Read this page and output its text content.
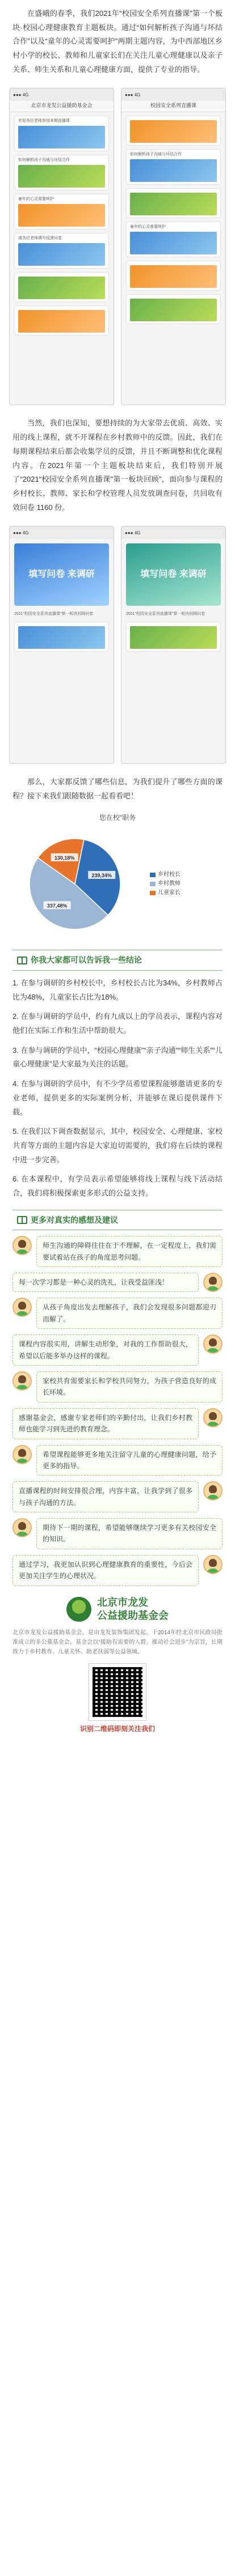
在盛峨的春季，我们2021年“校园安全系列直播课”第一个板块·校园心理健康教育主题板块。通过“如何解析孩子沟通与坏结合作”以及“童年的心灵需要呵护”两期主题内容，为中西部地区乡村小学的校长、教师和儿童家长们在关注儿童心理健康以及亲子关系、师生关系和儿童心理健康方面，提供了专业的指导。

●●● 4G
北京市龙发公益援助基金会
欢迎各位老师参加本期直播课
如何解析孩子沟通与坏结合作
童年的心灵需要呵护
请各位老师填写反馈问卷
●●● 4G
校园安全系列直播课
如何解析孩子沟通与坏结合作
童年的心灵需要呵护

当然，我们也深知，要想持续的为大家带去优质、高效、实用的线上课程，就不开课程在乡村教师中的反馈。因此，我们在每期课程结束后都会收集学员的反馈，并且不断调整和优化课程内容。在2021年第一个主题板块结束后，我们特别开展了“2021“校园安全系列直播课”第一板块回顾”，面向参与课程的乡村校长、教师、家长和学校管理人员发放调查问卷，共回收有效问卷 1160 份。

●●● 4G
填写问卷 来调研
2021“校园安全系列直播课”第一板块回顾问卷
●●● 4G
填写问卷 来调研
2021“校园安全系列直播课”第一板块回顾问卷

那么，大家都反馈了哪些信息，为我们提升了哪些方面的课程？接下来我们跟随数据一起看看吧！

您在校"职务
239,34%
337,48%
130,18%
乡村校长
乡村教师
儿童家长
你我大家都可以告诉我一些结论

1. 在参与调研的乡村校长中，乡村校长占比为34%，乡村教师占比为48%，儿童家长占比为18%。

2. 在参与调研的学员中，约有九成以上的学员表示，课程内容对他们在实际工作和生活中帮助很大。

3. 在参与调研的学员中，“校园心理健康”“亲子沟通”“师生关系”“儿童心理健康”是大家最为关注的话题。

4. 在参与调研的学员中，有不少学员希望课程能够邀请更多的专业老师，提供更多的实际案例分析，并能够在课后提供课件下载。

5. 在我们以下调查数据显示，其中，校园安全、心理健康、家校共育等方面的主题内容是大家迫切需要的，我们将在后续的课程中进一步完善。

6. 在本课程中，有学员表示希望能够将线上课程与线下活动结合，我们将积极探索更多形式的公益支持。

更多对真实的感想及建议
师生沟通的障碍往往在于不理解，在一定程度上，我们需要试着站在孩子的角度思考问题。
每一次学习都是一种心灵的洗礼，让我受益匪浅！
从孩子角度出发去理解孩子，我们会发现很多问题都迎刃而解了。
课程内容很实用，讲解生动形象，对我的工作帮助很大，希望以后能多举办这样的课程。
家校共育需要家长和学校共同努力，为孩子营造良好的成长环境。
感谢基金会，感谢专家老师们的辛勤付出，让我们乡村教师也能学习到先进的教育理念。
希望课程能够更多地关注留守儿童的心理健康问题，给予更多的指导。
直播课程的时间安排很合理，内容丰富，让我学到了很多与孩子沟通的方法。
期待下一期的课程，希望能够继续学习更多有关校园安全的知识。
通过学习，我更加认识到心理健康教育的重要性，今后会更加关注学生的心理状况。
北京市龙发
公益援助基金会

北京市龙发公益援助基金会，是由龙发装饰集团发起，于2014年经北京市民政局批准成立的非公募基金会。基金会以“援助有需要的人群，推动社会进步”为宗旨，长期致力于乡村教育、儿童关怀、助老扶弱等公益领域。

识别二维码即刻关注我们
